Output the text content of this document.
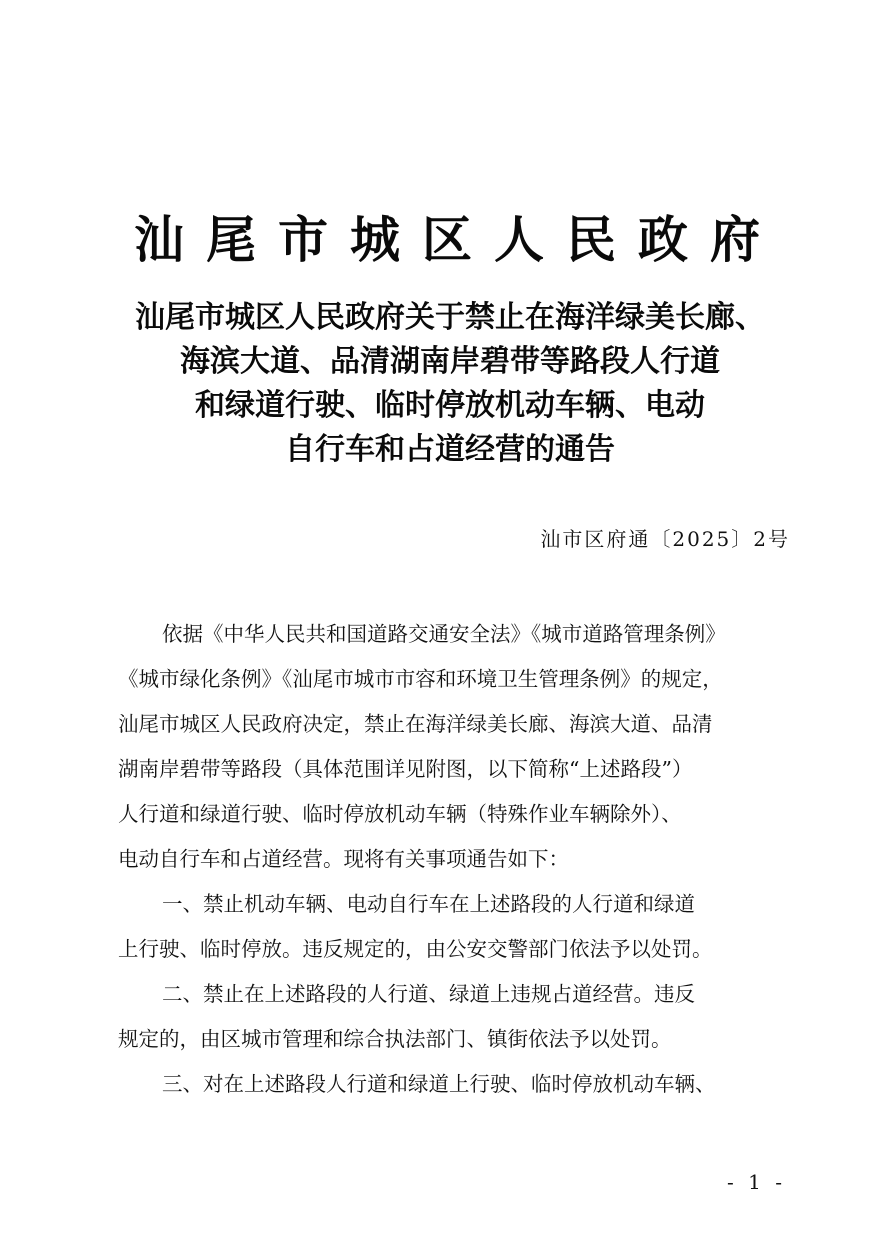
汕尾市城区人民政府
汕尾市城区人民政府关于禁止在海洋绿美长廊、
海滨大道、品清湖南岸碧带等路段人行道
和绿道行驶、临时停放机动车辆、电动
自行车和占道经营的通告
汕市区府通〔2025〕2号
依据《中华人民共和国道路交通安全法》《城市道路管理条例》
《城市绿化条例》《汕尾市城市市容和环境卫生管理条例》的规定，
汕尾市城区人民政府决定，禁止在海洋绿美长廊、海滨大道、品清
湖南岸碧带等路段（具体范围详见附图，以下简称“上述路段”）
人行道和绿道行驶、临时停放机动车辆（特殊作业车辆除外）、
电动自行车和占道经营。现将有关事项通告如下：
一、禁止机动车辆、电动自行车在上述路段的人行道和绿道
上行驶、临时停放。违反规定的，由公安交警部门依法予以处罚。
二、禁止在上述路段的人行道、绿道上违规占道经营。违反
规定的，由区城市管理和综合执法部门、镇街依法予以处罚。
三、对在上述路段人行道和绿道上行驶、临时停放机动车辆、
- 1 -
